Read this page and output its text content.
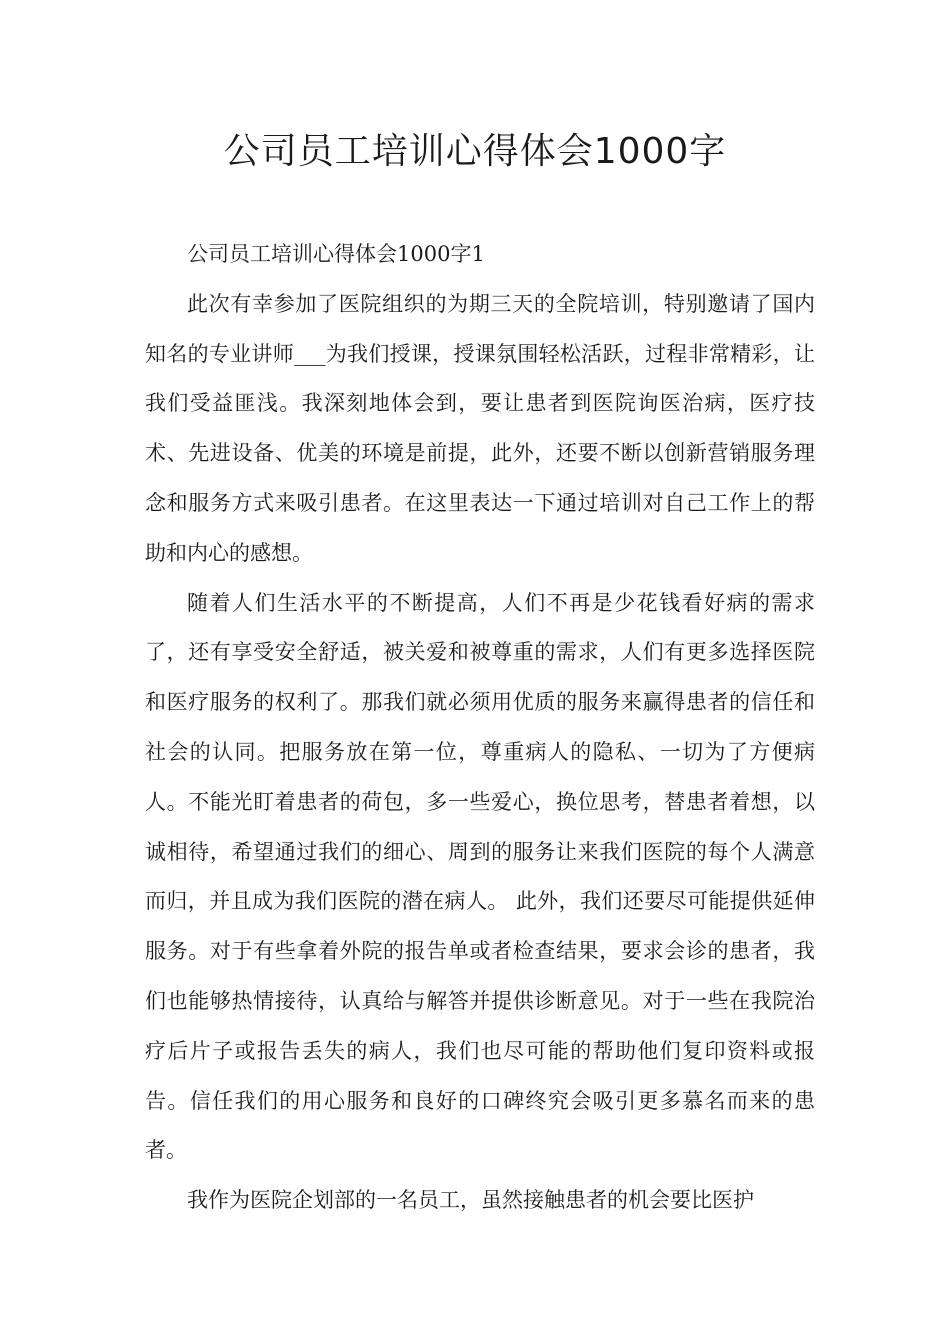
公司员工培训心得体会1000字

公司员工培训心得体会1000字1

此次有幸参加了医院组织的为期三天的全院培训，特别邀请了国内知名的专业讲师___为我们授课，授课氛围轻松活跃，过程非常精彩，让我们受益匪浅。我深刻地体会到，要让患者到医院询医治病，医疗技术、先进设备、优美的环境是前提，此外，还要不断以创新营销服务理念和服务方式来吸引患者。在这里表达一下通过培训对自己工作上的帮助和内心的感想。

随着人们生活水平的不断提高，人们不再是少花钱看好病的需求了，还有享受安全舒适，被关爱和被尊重的需求，人们有更多选择医院和医疗服务的权利了。那我们就必须用优质的服务来赢得患者的信任和社会的认同。把服务放在第一位，尊重病人的隐私、一切为了方便病人。不能光盯着患者的荷包，多一些爱心，换位思考，替患者着想，以诚相待，希望通过我们的细心、周到的服务让来我们医院的每个人满意而归，并且成为我们医院的潜在病人。 此外，我们还要尽可能提供延伸服务。对于有些拿着外院的报告单或者检查结果，要求会诊的患者，我们也能够热情接待，认真给与解答并提供诊断意见。对于一些在我院治疗后片子或报告丢失的病人，我们也尽可能的帮助他们复印资料或报告。信任我们的用心服务和良好的口碑终究会吸引更多慕名而来的患者。

我作为医院企划部的一名员工，虽然接触患者的机会要比医护
